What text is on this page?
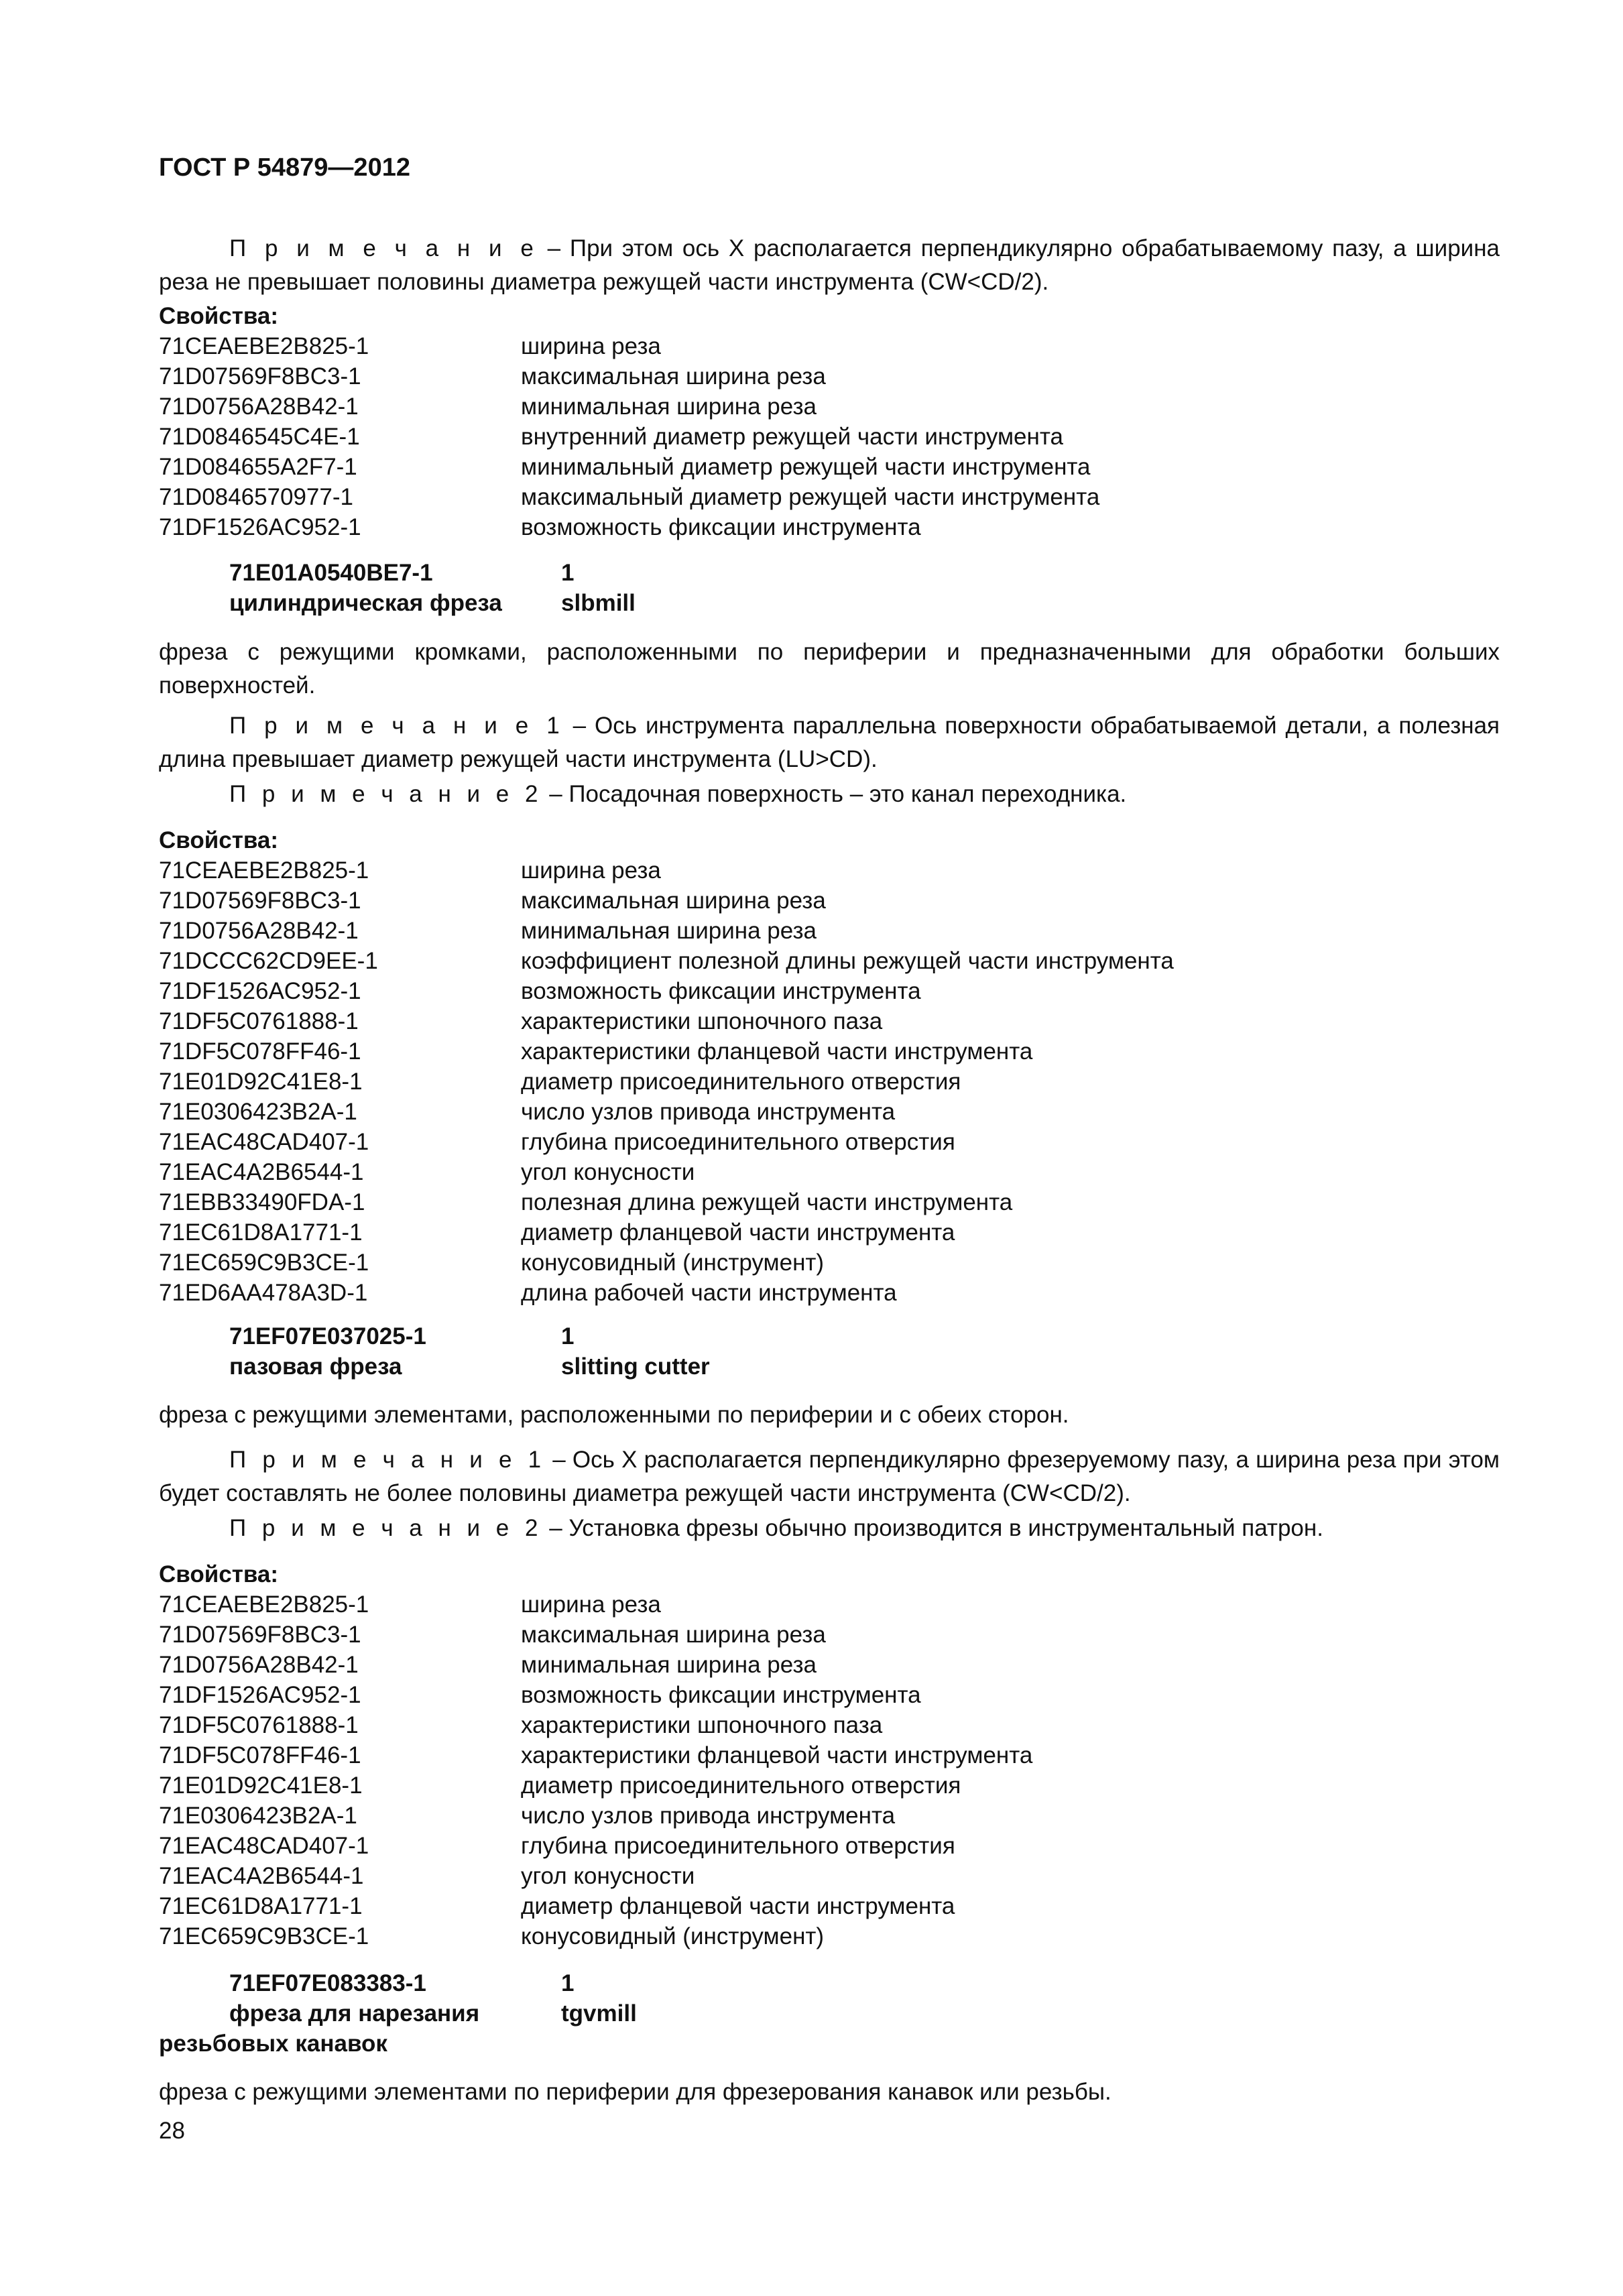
ГОСТ Р 54879—2012
П р и м е ч а н и е – При этом ось X располагается перпендикулярно обрабатываемому пазу, а ширина реза не превышает половины диаметра режущей части инструмента (CW<CD/2).
Свойства:
71CEAEBE2B825-1	ширина реза
71D07569F8BC3-1	максимальная ширина реза
71D0756A28B42-1	минимальная ширина реза
71D0846545C4E-1	внутренний диаметр режущей части инструмента
71D084655A2F7-1	минимальный диаметр режущей части инструмента
71D0846570977-1	максимальный диаметр режущей части инструмента
71DF1526AC952-1	возможность фиксации инструмента
71E01A0540BE7-1	1
цилиндрическая фреза	slbmill
фреза с режущими кромками, расположенными по периферии и предназначенными для обработки больших поверхностей.
П р и м е ч а н и е 1 – Ось инструмента параллельна поверхности обрабатываемой детали, а полезная длина превышает диаметр режущей части инструмента (LU>CD).
П р и м е ч а н и е 2 – Посадочная поверхность – это канал переходника.
Свойства:
71CEAEBE2B825-1	ширина реза
71D07569F8BC3-1	максимальная ширина реза
71D0756A28B42-1	минимальная ширина реза
71DCCC62CD9EE-1	коэффициент полезной длины режущей части инструмента
71DF1526AC952-1	возможность фиксации инструмента
71DF5C0761888-1	характеристики шпоночного паза
71DF5C078FF46-1	характеристики фланцевой части инструмента
71E01D92C41E8-1	диаметр присоединительного отверстия
71E0306423B2A-1	число узлов привода инструмента
71EAC48CAD407-1	глубина присоединительного отверстия
71EAC4A2B6544-1	угол конусности
71EBB33490FDA-1	полезная длина режущей части инструмента
71EC61D8A1771-1	диаметр фланцевой части инструмента
71EC659C9B3CE-1	конусовидный (инструмент)
71ED6AA478A3D-1	длина рабочей части инструмента
71EF07E037025-1	1
пазовая фреза	slitting cutter
фреза с режущими элементами, расположенными по периферии и с обеих сторон.
П р и м е ч а н и е 1 – Ось X располагается перпендикулярно фрезеруемому пазу, а ширина реза при этом будет составлять не более половины диаметра режущей части инструмента (CW<CD/2).
П р и м е ч а н и е 2 – Установка фрезы обычно производится в инструментальный патрон.
Свойства:
71CEAEBE2B825-1	ширина реза
71D07569F8BC3-1	максимальная ширина реза
71D0756A28B42-1	минимальная ширина реза
71DF1526AC952-1	возможность фиксации инструмента
71DF5C0761888-1	характеристики шпоночного паза
71DF5C078FF46-1	характеристики фланцевой части инструмента
71E01D92C41E8-1	диаметр присоединительного отверстия
71E0306423B2A-1	число узлов привода инструмента
71EAC48CAD407-1	глубина присоединительного отверстия
71EAC4A2B6544-1	угол конусности
71EC61D8A1771-1	диаметр фланцевой части инструмента
71EC659C9B3CE-1	конусовидный (инструмент)
71EF07E083383-1	1
фреза для нарезания	tgvmill
резьбовых канавок
фреза с режущими элементами по периферии для фрезерования канавок или резьбы.
28
